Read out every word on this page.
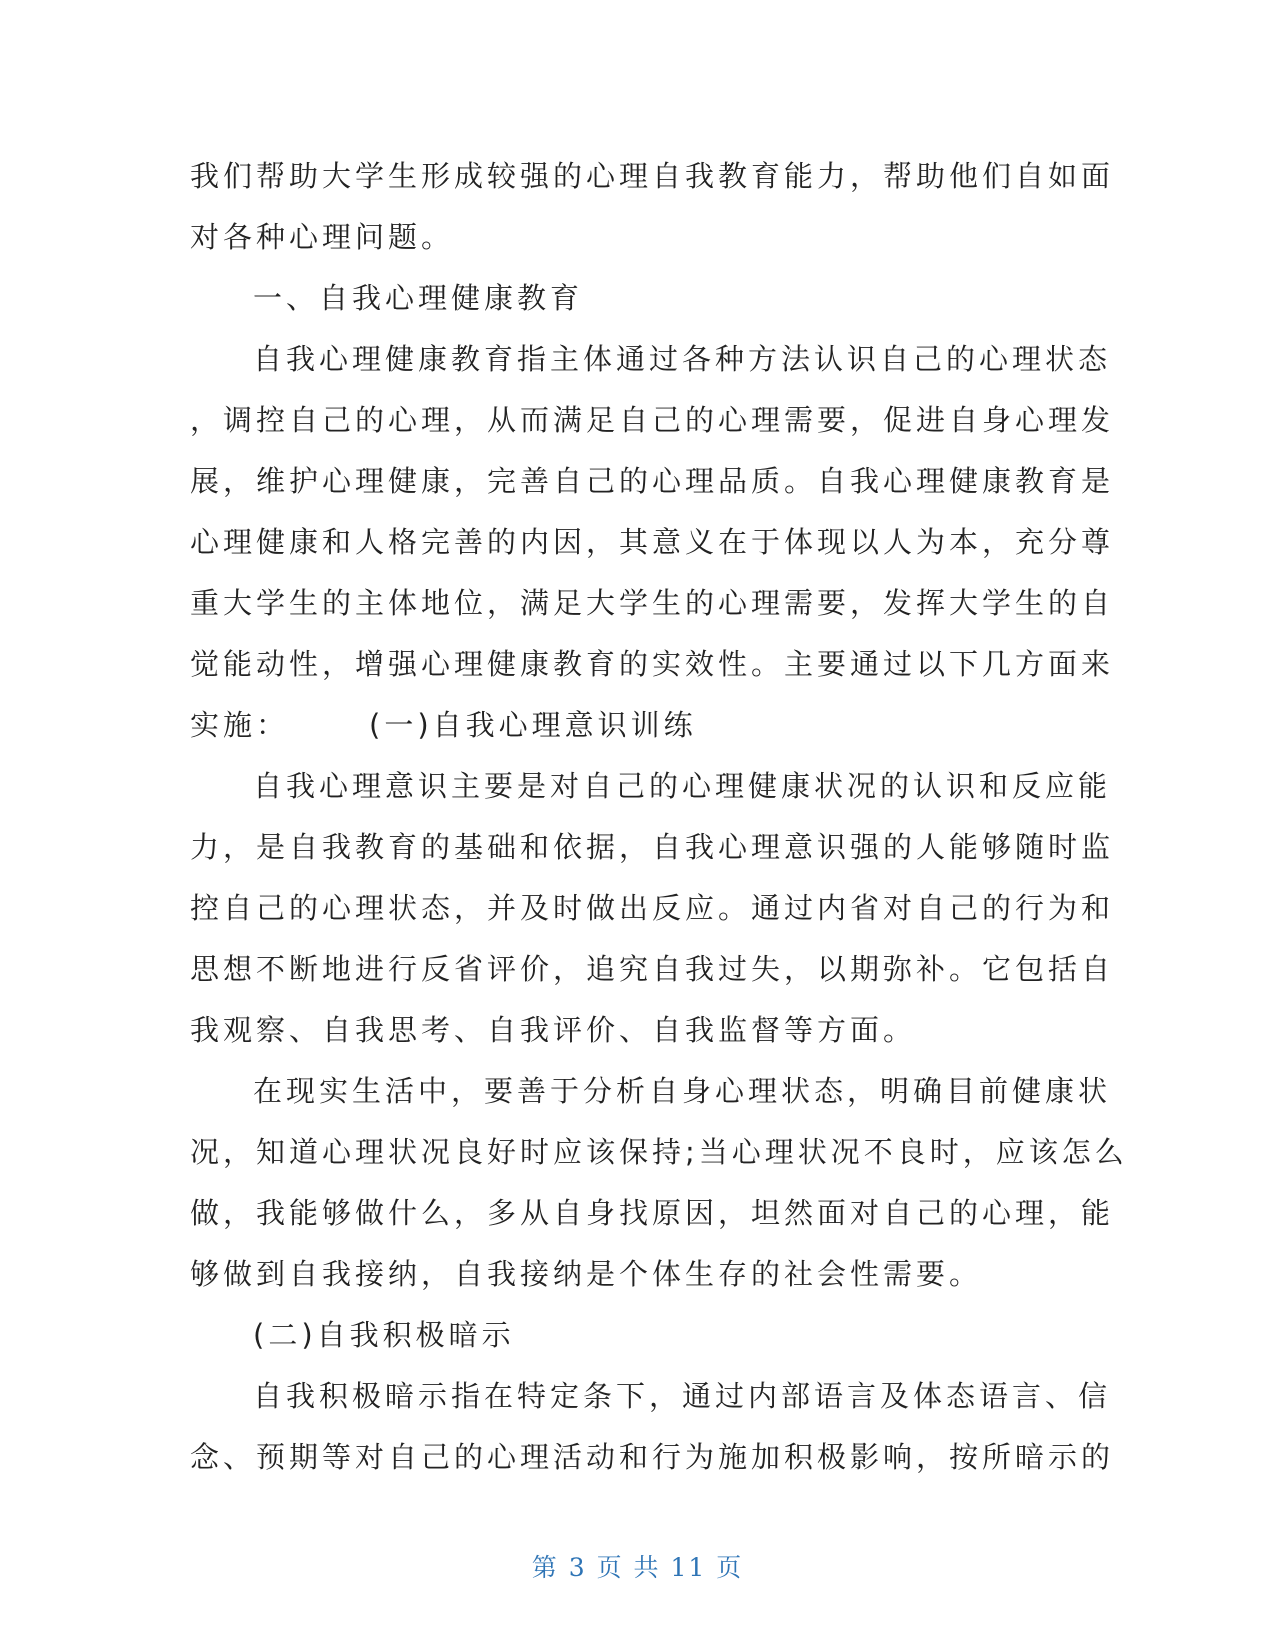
我们帮助大学生形成较强的心理自我教育能力，帮助他们自如面
对各种心理问题。
一、自我心理健康教育
自我心理健康教育指主体通过各种方法认识自己的心理状态
，调控自己的心理，从而满足自己的心理需要，促进自身心理发
展，维护心理健康，完善自己的心理品质。自我心理健康教育是
心理健康和人格完善的内因，其意义在于体现以人为本，充分尊
重大学生的主体地位，满足大学生的心理需要，发挥大学生的自
觉能动性，增强心理健康教育的实效性。主要通过以下几方面来
实施：	(一)自我心理意识训练
自我心理意识主要是对自己的心理健康状况的认识和反应能
力，是自我教育的基础和依据，自我心理意识强的人能够随时监
控自己的心理状态，并及时做出反应。通过内省对自己的行为和
思想不断地进行反省评价，追究自我过失，以期弥补。它包括自
我观察、自我思考、自我评价、自我监督等方面。
在现实生活中，要善于分析自身心理状态，明确目前健康状
况，知道心理状况良好时应该保持;当心理状况不良时，应该怎么
做，我能够做什么，多从自身找原因，坦然面对自己的心理，能
够做到自我接纳，自我接纳是个体生存的社会性需要。
(二)自我积极暗示
自我积极暗示指在特定条下，通过内部语言及体态语言、信
念、预期等对自己的心理活动和行为施加积极影响，按所暗示的
第 3 页 共 11 页
